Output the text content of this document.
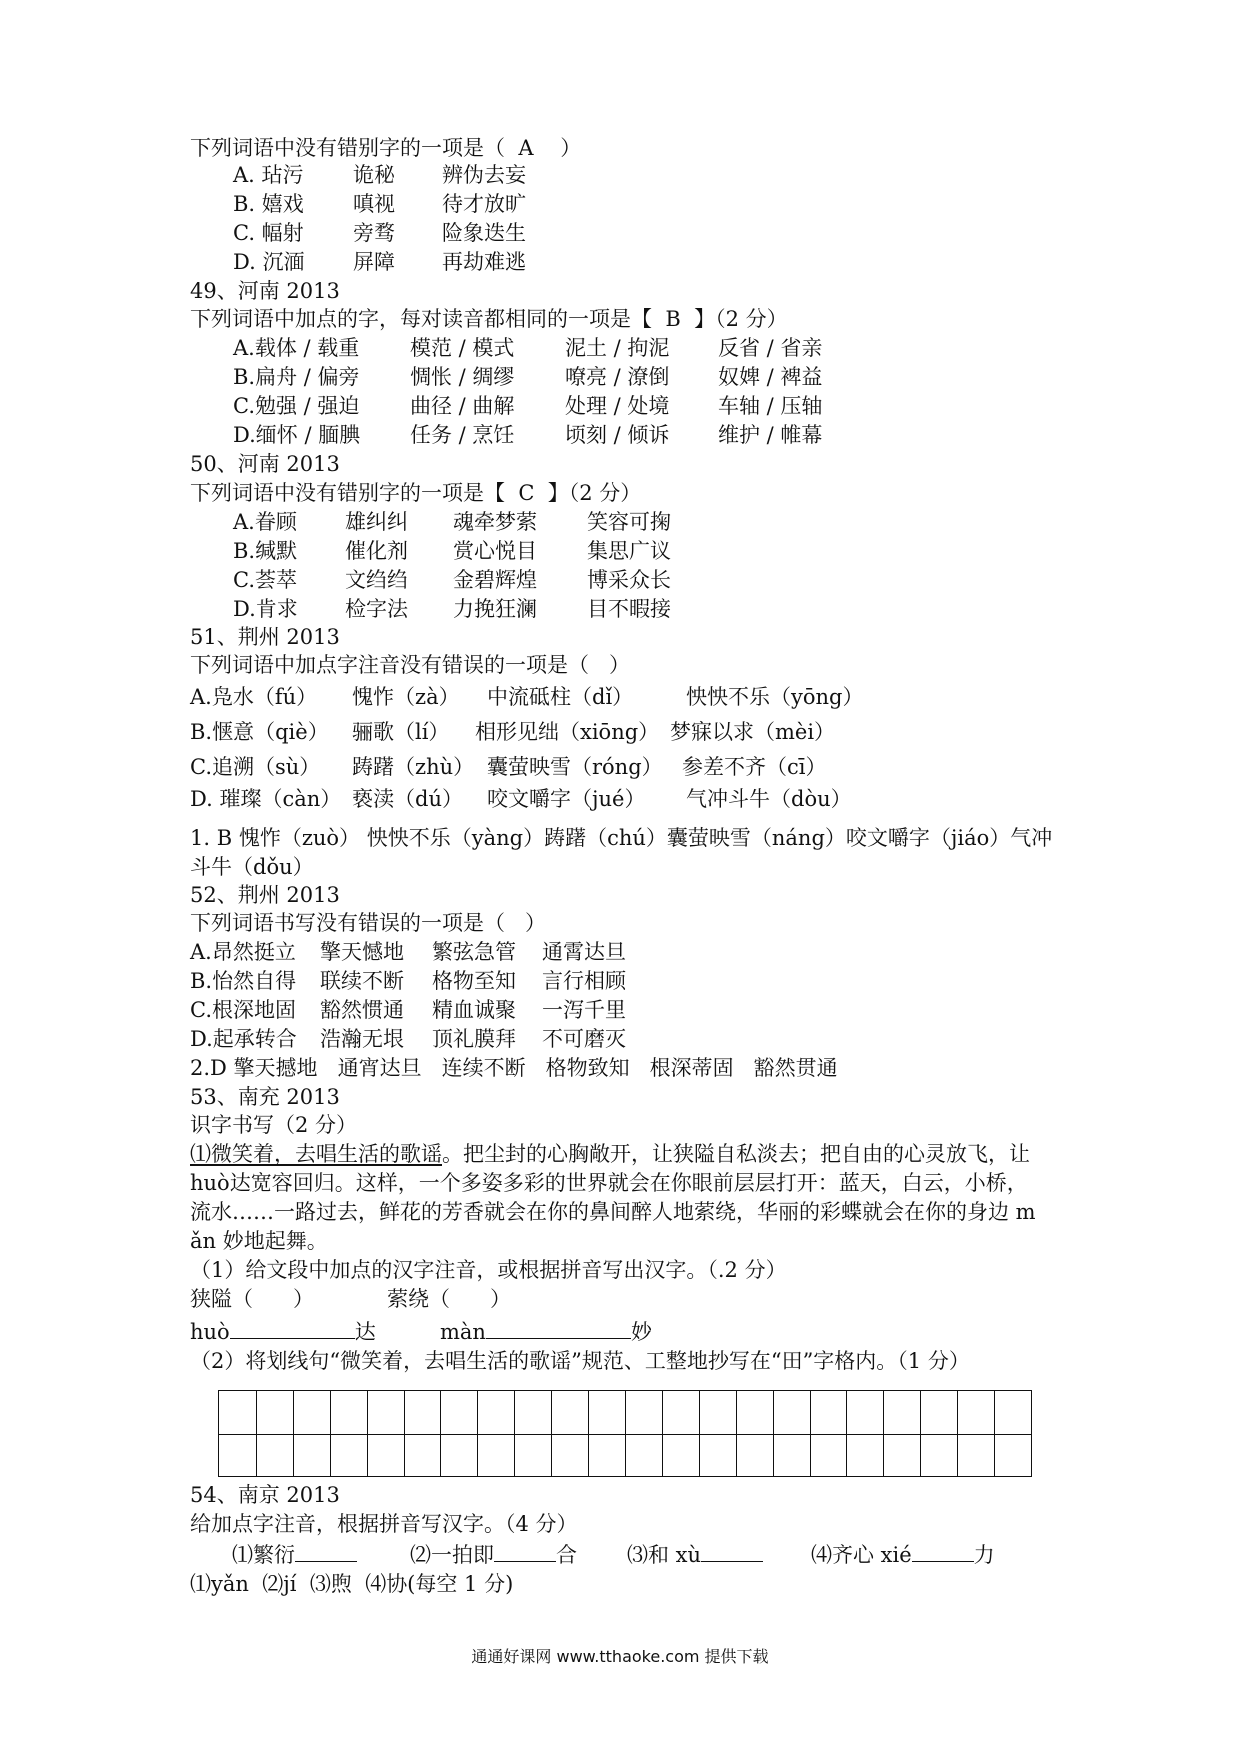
下列词语中没有错别字的一项是（  A    ）
A. 玷污 诡秘 辨伪去妄
B. 嬉戏 嗔视 待才放旷
C. 幅射 旁骛 险象迭生
D. 沉湎 屏障 再劫难逃
49、河南 2013
下列词语中加点的字，每对读音都相同的一项是【  B  】（2 分）
A.载体 / 载重 模范 / 模式 泥土 / 拘泥 反省 / 省亲
B.扁舟 / 偏旁 惆怅 / 绸缪 嘹亮 / 潦倒 奴婢 / 裨益
C.勉强 / 强迫 曲径 / 曲解 处理 / 处境 车轴 / 压轴
D.缅怀 / 腼腆 任务 / 烹饪 顷刻 / 倾诉 维护 / 帷幕
50、河南 2013
下列词语中没有错别字的一项是【  C  】（2 分）
A.眷顾 雄纠纠 魂牵梦萦 笑容可掬
B.缄默 催化剂 赏心悦目 集思广议
C.荟萃 文绉绉 金碧辉煌 博采众长
D.肯求 检字法 力挽狂澜 目不暇接
51、荆州 2013
下列词语中加点字注音没有错误的一项是（   ）
A.凫水（fú） 愧怍（zà） 中流砥柱（dǐ）	怏怏不乐（yōng）
B.惬意（qiè） 骊歌（lí） 相形见绌（xiōng） 梦寐以求（mèi）
C.追溯（sù） 踌躇（zhù） 囊萤映雪（róng） 参差不齐（cī）
D. 璀璨（càn） 亵渎（dú） 咬文嚼字（jué） 气冲斗牛（dòu）
1. B 愧怍（zuò） 怏怏不乐（yàng）踌躇（chú）囊萤映雪（náng）咬文嚼字（jiáo）气冲
斗牛（dǒu）
52、荆州 2013
下列词语书写没有错误的一项是（   ）
A.昂然挺立 擎天憾地 繁弦急管 通霄达旦
B.怡然自得 联续不断 格物至知 言行相顾
C.根深地固 豁然惯通 精血诚聚 一泻千里
D.起承转合 浩瀚无垠 顶礼膜拜 不可磨灭
2.D 擎天撼地   通宵达旦   连续不断   格物致知   根深蒂固   豁然贯通
53、南充 2013
识字书写（2 分）
⑴微笑着，去唱生活的歌谣。把尘封的心胸敞开，让狭隘自私淡去；把自由的心灵放飞，让
huò达宽容回归。这样，一个多姿多彩的世界就会在你眼前层层打开：蓝天，白云，小桥，
流水……一路过去，鲜花的芳香就会在你的鼻间醉人地萦绕，华丽的彩蝶就会在你的身边 m
ǎn 妙地起舞。
（1）给文段中加点的汉字注音，或根据拼音写出汉字。（.2 分）
狭隘（      ）	萦绕（      ）
huò	达	màn	妙
（2）将划线句“微笑着，去唱生活的歌谣”规范、工整地抄写在“田”字格内。（1 分）
54、南京 2013
给加点字注音，根据拼音写汉字。（4 分）
⑴繁衍	⑵一拍即	合 ⑶和 xù	⑷齐心 xié	力
⑴yǎn  ⑵jí  ⑶煦  ⑷协(每空 1 分)
通通好课网 www.tthaoke.com 提供下载
